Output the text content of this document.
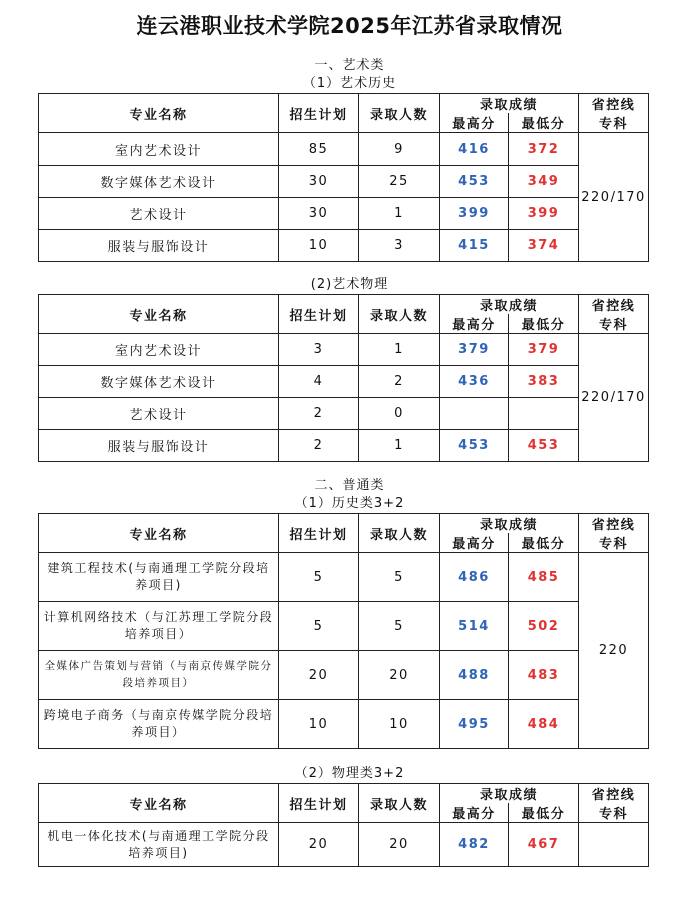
连云港职业技术学院2025年江苏省录取情况
一、艺术类
（1）艺术历史
专业名称	招生计划	录取人数	录取成绩		省控线
			最高分	最低分	专科
室内艺术设计	85	9	416	372	220/170
数字媒体艺术设计	30	25	453	349	
艺术设计	30	1	399	399	
服装与服饰设计	10	3	415	374	
(2)艺术物理
专业名称	招生计划	录取人数	录取成绩		省控线
			最高分	最低分	专科
室内艺术设计	3	1	379	379	220/170
数字媒体艺术设计	4	2	436	383	
艺术设计	2	0			
服装与服饰设计	2	1	453	453	
二、普通类
（1）历史类3+2
专业名称	招生计划	录取人数	录取成绩		省控线
			最高分	最低分	专科
建筑工程技术(与南通理工学院分段培养项目)	5	5	486	485	220
计算机网络技术（与江苏理工学院分段培养项目）	5	5	514	502	
全媒体广告策划与营销（与南京传媒学院分段培养项目）	20	20	488	483	
跨境电子商务（与南京传媒学院分段培养项目）	10	10	495	484	
（2）物理类3+2
专业名称	招生计划	录取人数	录取成绩		省控线
			最高分	最低分	专科
机电一体化技术(与南通理工学院分段培养项目)	20	20	482	467	
